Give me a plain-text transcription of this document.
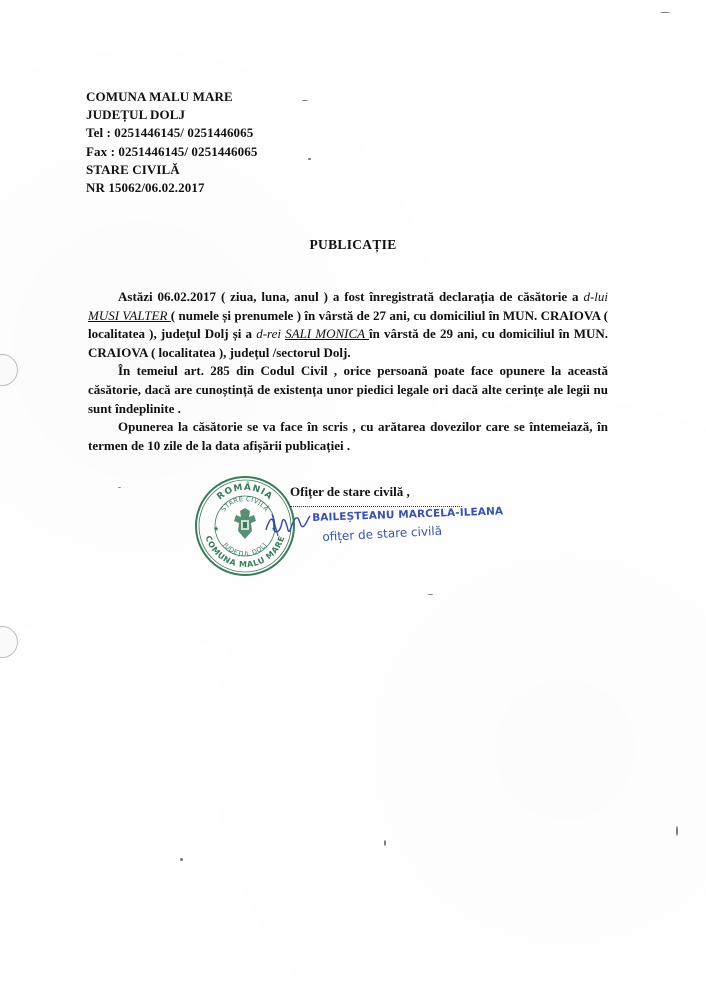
COMUNA MALU MARE
JUDEȚUL DOLJ
Tel : 0251446145/ 0251446065
Fax : 0251446145/ 0251446065
STARE CIVILĂ
NR 15062/06.02.2017
PUBLICAȚIE

Astăzi 06.02.2017 ( ziua, luna, anul ) a fost înregistrată declarația de căsătorie a d-lui MUSI VALTER ( numele și prenumele ) în vârstă de 27 ani, cu domiciliul în MUN. CRAIOVA ( localitatea ), județul Dolj și a d-rei SALI MONICA în vârstă de 29 ani, cu domiciliul în MUN. CRAIOVA ( localitatea ), județul /sectorul Dolj.

În temeiul art. 285 din Codul Civil , orice persoană poate face opunere la această căsătorie, dacă are cunoștință de existența unor piedici legale ori dacă alte cerințe ale legii nu sunt îndeplinite .

Opunerea la căsătorie se va face în scris , cu arătarea dovezilor care se întemeiază, în termen de 10 zile de la data afișării publicației .

ROMÂNIA
COMUNA MALU MARE
STARE CIVILĂ
JUDEȚUL DOLJ
★	★
Ofițer de stare civilă ,
BAILEȘTEANU MARCELA-ILEANA
ofițer de stare civilă
